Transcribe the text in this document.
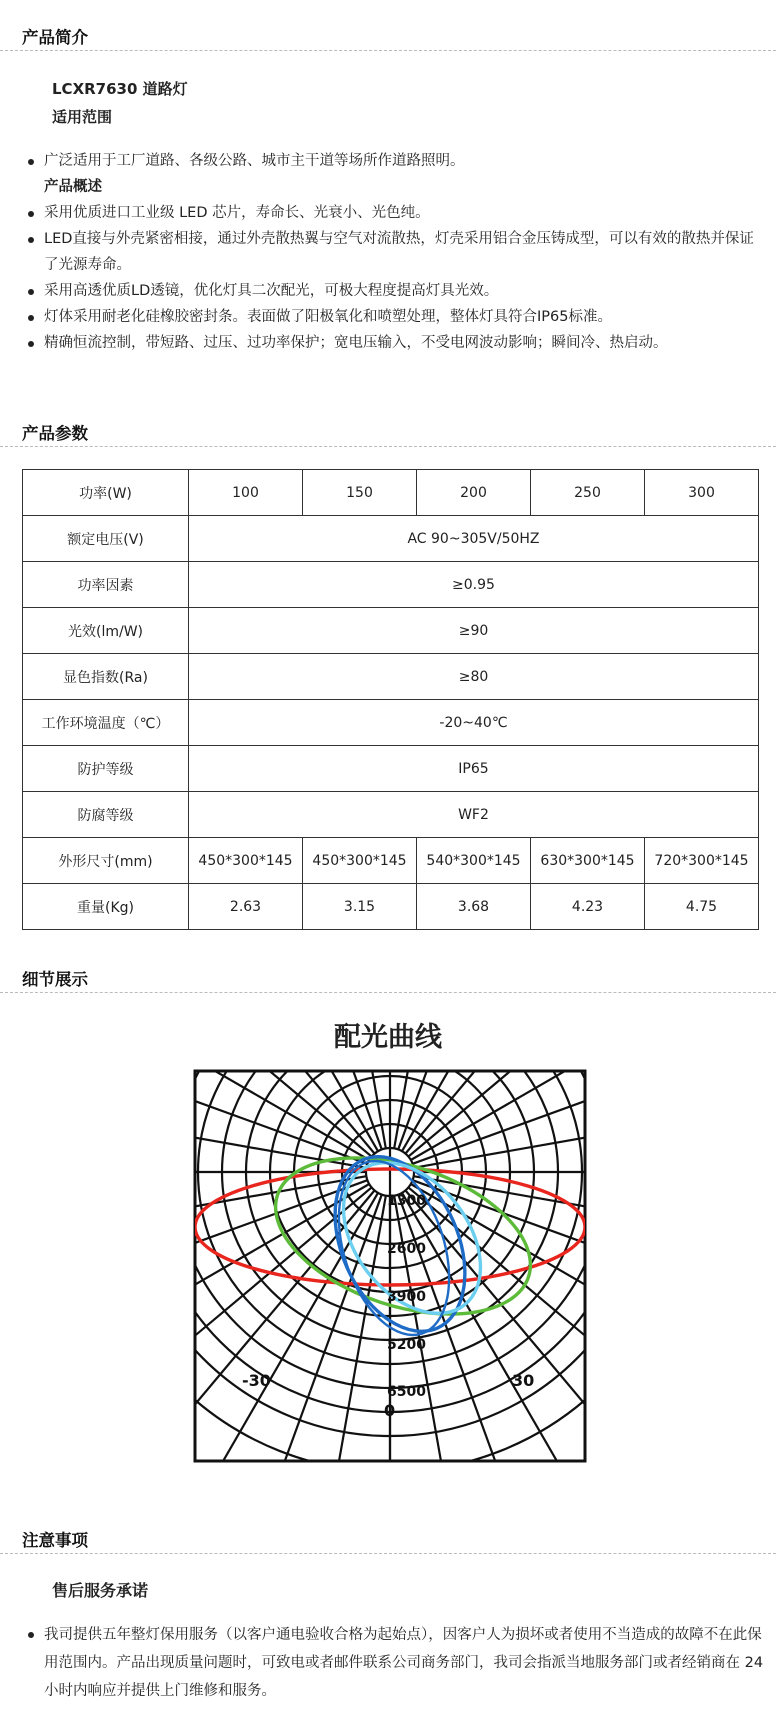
产品简介
LCXR7630 道路灯
适用范围
广泛适用于工厂道路、各级公路、城市主干道等场所作道路照明。
产品概述
采用优质进口工业级 LED 芯片，寿命长、光衰小、光色纯。
LED直接与外壳紧密相接，通过外壳散热翼与空气对流散热，灯壳采用铝合金压铸成型，可以有效的散热并保证了光源寿命。
采用高透优质LD透镜，优化灯具二次配光，可极大程度提高灯具光效。
灯体采用耐老化硅橡胶密封条。表面做了阳极氧化和喷塑处理，整体灯具符合IP65标准。
精确恒流控制，带短路、过压、过功率保护；宽电压输入，不受电网波动影响；瞬间冷、热启动。
产品参数
功率(W)	100	150	200	250	300
额定电压(V)	AC 90~305V/50HZ				
功率因素	≥0.95				
光效(lm/W)	≥90				
显色指数(Ra)	≥80				
工作环境温度（℃）	-20~40℃				
防护等级	IP65				
防腐等级	WF2				
外形尺寸(mm)	450*300*145	450*300*145	540*300*145	630*300*145	720*300*145
重量(Kg)	2.63	3.15	3.68	4.23	4.75
细节展示
配光曲线
1300
2600
3900
5200
6500
-30
0
30
注意事项
售后服务承诺
我司提供五年整灯保用服务（以客户通电验收合格为起始点），因客户人为损坏或者使用不当造成的故障不在此保用范围内。产品出现质量问题时，可致电或者邮件联系公司商务部门，我司会指派当地服务部门或者经销商在 24 小时内响应并提供上门维修和服务。
